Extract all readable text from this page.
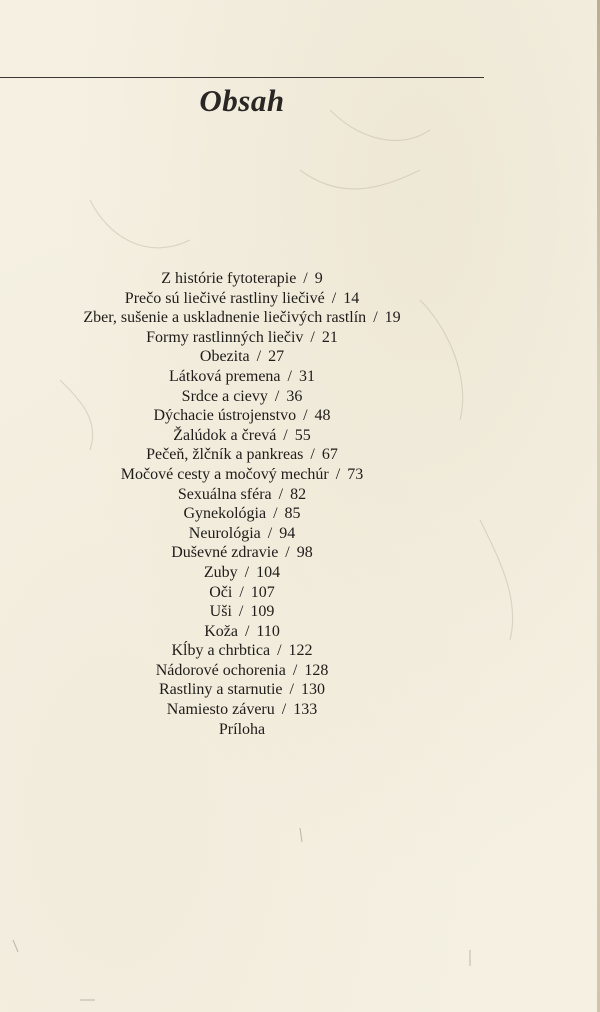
Obsah
Z histórie fytoterapie / 9
Prečo sú liečivé rastliny liečivé / 14
Zber, sušenie a uskladnenie liečivých rastlín / 19
Formy rastlinných liečiv / 21
Obezita / 27
Látková premena / 31
Srdce a cievy / 36
Dýchacie ústrojenstvo / 48
Žalúdok a črevá / 55
Pečeň, žlčník a pankreas / 67
Močové cesty a močový mechúr / 73
Sexuálna sféra / 82
Gynekológia / 85
Neurológia / 94
Duševné zdravie / 98
Zuby / 104
Oči / 107
Uši / 109
Koža / 110
Kĺby a chrbtica / 122
Nádorové ochorenia / 128
Rastliny a starnutie / 130
Namiesto záveru / 133
Príloha
